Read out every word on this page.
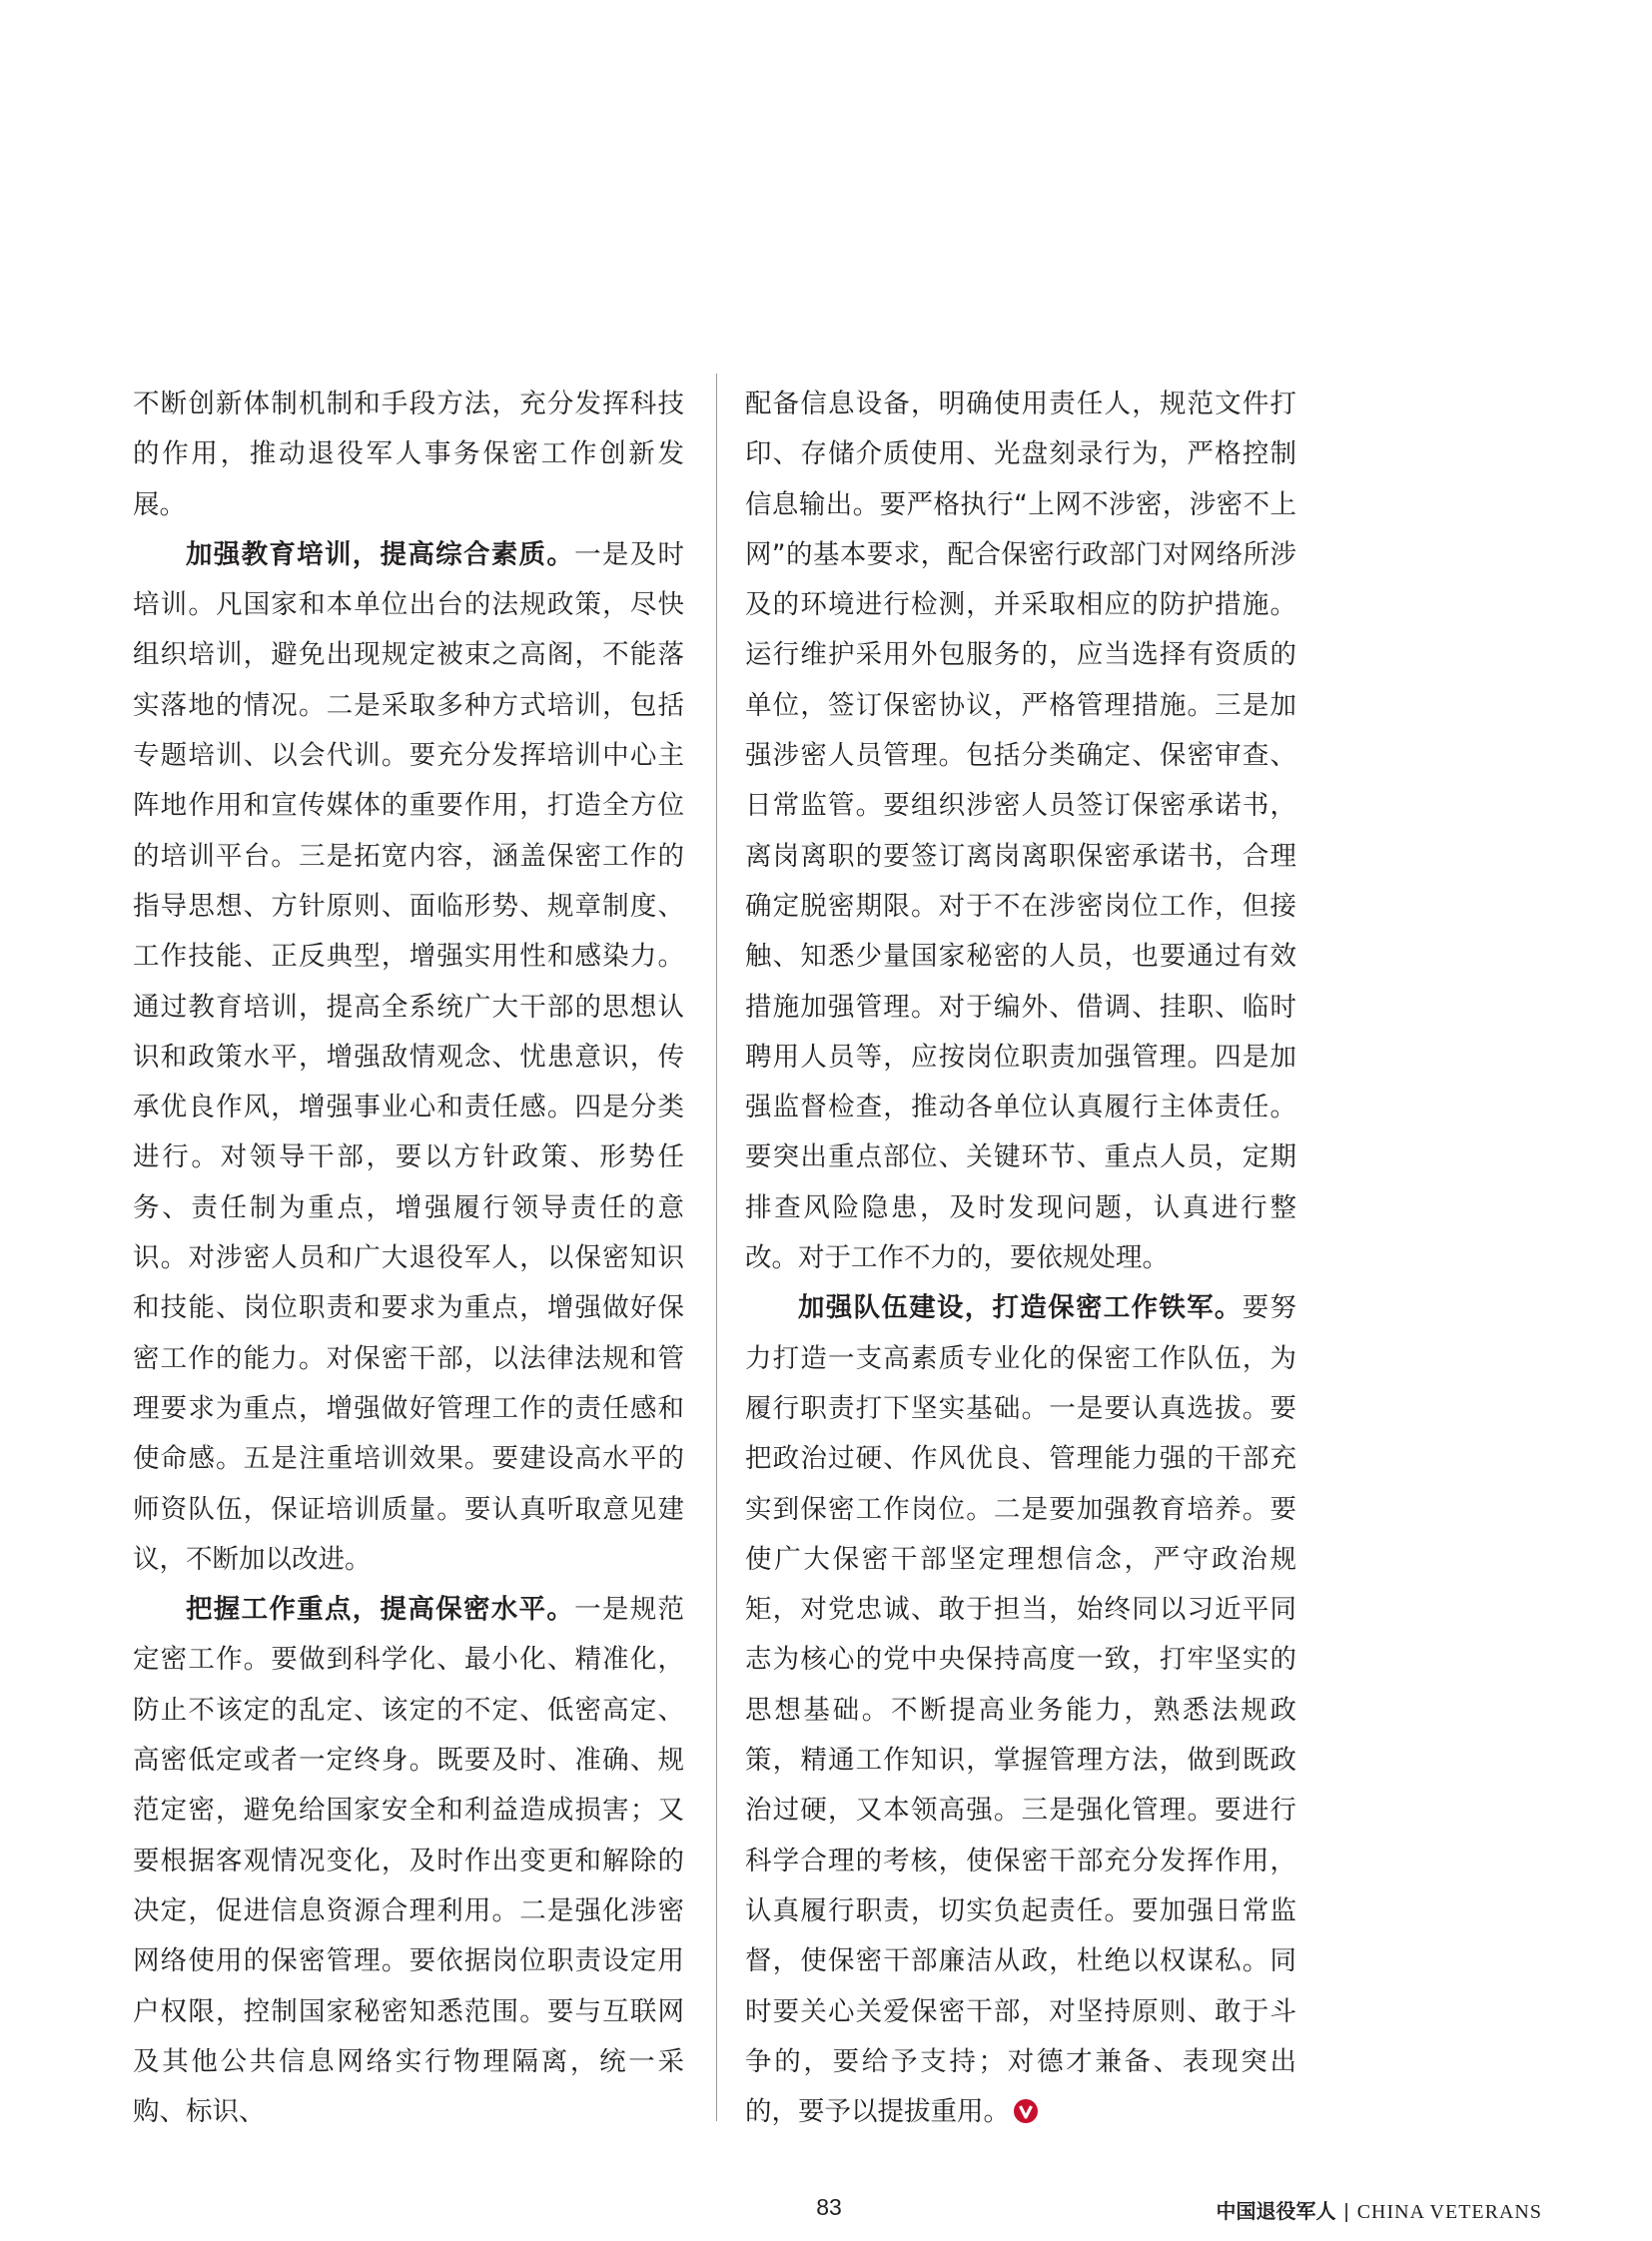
不断创新体制机制和手段方法，充分发挥科技的作用，推动退役军人事务保密工作创新发展。

加强教育培训，提高综合素质。一是及时培训。凡国家和本单位出台的法规政策，尽快组织培训，避免出现规定被束之高阁，不能落实落地的情况。二是采取多种方式培训，包括专题培训、以会代训。要充分发挥培训中心主阵地作用和宣传媒体的重要作用，打造全方位的培训平台。三是拓宽内容，涵盖保密工作的指导思想、方针原则、面临形势、规章制度、工作技能、正反典型，增强实用性和感染力。通过教育培训，提高全系统广大干部的思想认识和政策水平，增强敌情观念、忧患意识，传承优良作风，增强事业心和责任感。四是分类进行。对领导干部，要以方针政策、形势任务、责任制为重点，增强履行领导责任的意识。对涉密人员和广大退役军人，以保密知识和技能、岗位职责和要求为重点，增强做好保密工作的能力。对保密干部，以法律法规和管理要求为重点，增强做好管理工作的责任感和使命感。五是注重培训效果。要建设高水平的师资队伍，保证培训质量。要认真听取意见建议，不断加以改进。

把握工作重点，提高保密水平。一是规范定密工作。要做到科学化、最小化、精准化，防止不该定的乱定、该定的不定、低密高定、高密低定或者一定终身。既要及时、准确、规范定密，避免给国家安全和利益造成损害；又要根据客观情况变化，及时作出变更和解除的决定，促进信息资源合理利用。二是强化涉密网络使用的保密管理。要依据岗位职责设定用户权限，控制国家秘密知悉范围。要与互联网及其他公共信息网络实行物理隔离，统一采购、标识、

配备信息设备，明确使用责任人，规范文件打印、存储介质使用、光盘刻录行为，严格控制信息输出。要严格执行“上网不涉密，涉密不上网”的基本要求，配合保密行政部门对网络所涉及的环境进行检测，并采取相应的防护措施。运行维护采用外包服务的，应当选择有资质的单位，签订保密协议，严格管理措施。三是加强涉密人员管理。包括分类确定、保密审查、日常监管。要组织涉密人员签订保密承诺书，离岗离职的要签订离岗离职保密承诺书，合理确定脱密期限。对于不在涉密岗位工作，但接触、知悉少量国家秘密的人员，也要通过有效措施加强管理。对于编外、借调、挂职、临时聘用人员等，应按岗位职责加强管理。四是加强监督检查，推动各单位认真履行主体责任。要突出重点部位、关键环节、重点人员，定期排查风险隐患，及时发现问题，认真进行整改。对于工作不力的，要依规处理。

加强队伍建设，打造保密工作铁军。要努力打造一支高素质专业化的保密工作队伍，为履行职责打下坚实基础。一是要认真选拔。要把政治过硬、作风优良、管理能力强的干部充实到保密工作岗位。二是要加强教育培养。要使广大保密干部坚定理想信念，严守政治规矩，对党忠诚、敢于担当，始终同以习近平同志为核心的党中央保持高度一致，打牢坚实的思想基础。不断提高业务能力，熟悉法规政策，精通工作知识，掌握管理方法，做到既政治过硬，又本领高强。三是强化管理。要进行科学合理的考核，使保密干部充分发挥作用，认真履行职责，切实负起责任。要加强日常监督，使保密干部廉洁从政，杜绝以权谋私。同时要关心关爱保密干部，对坚持原则、敢于斗争的，要给予支持；对德才兼备、表现突出的，要予以提拔重用。

83	中国退役军人 | CHINA VETERANS
